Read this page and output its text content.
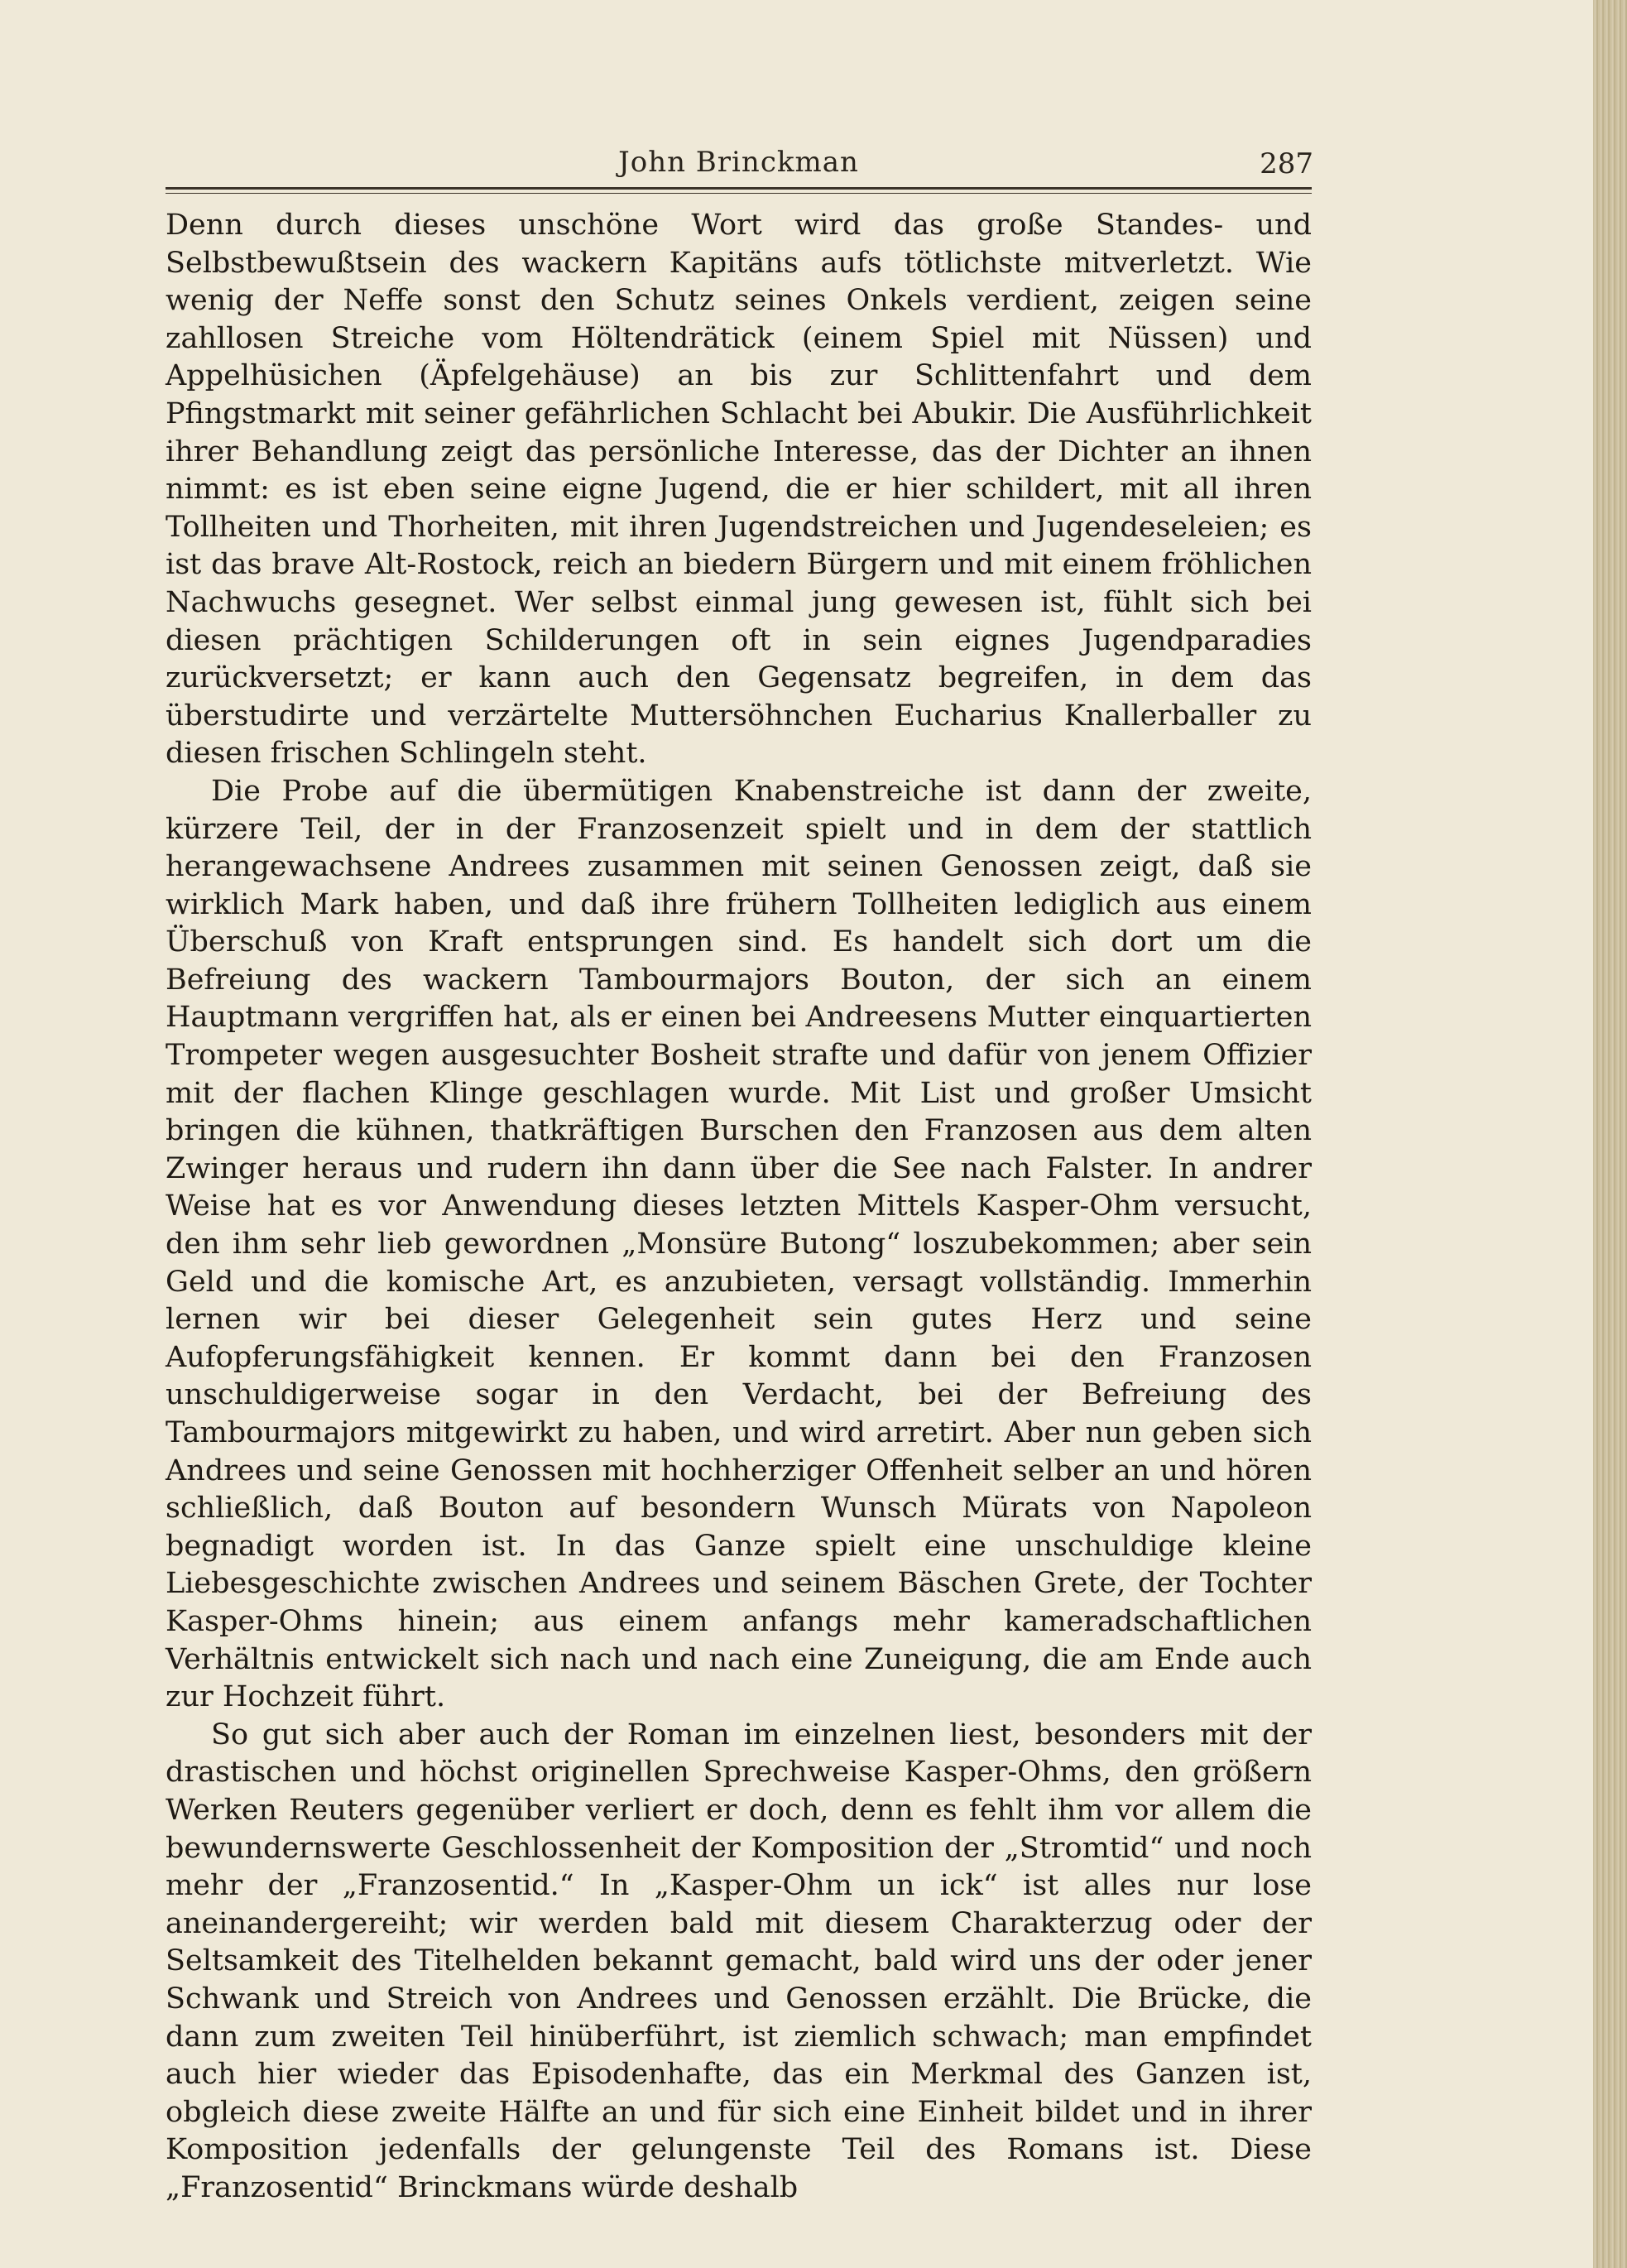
John Brinckman	287

Denn durch dieses unschöne Wort wird das große Standes- und Selbstbewußtsein des wackern Kapitäns aufs tötlichste mitverletzt. Wie wenig der Neffe sonst den Schutz seines Onkels verdient, zeigen seine zahllosen Streiche vom Höltendrätick (einem Spiel mit Nüssen) und Appelhüsichen (Äpfelgehäuse) an bis zur Schlittenfahrt und dem Pfingstmarkt mit seiner gefährlichen Schlacht bei Abukir. Die Ausführlichkeit ihrer Behandlung zeigt das persönliche Interesse, das der Dichter an ihnen nimmt: es ist eben seine eigne Jugend, die er hier schildert, mit all ihren Tollheiten und Thorheiten, mit ihren Jugendstreichen und Jugendeseleien; es ist das brave Alt-Rostock, reich an biedern Bürgern und mit einem fröhlichen Nachwuchs gesegnet. Wer selbst einmal jung gewesen ist, fühlt sich bei diesen prächtigen Schilderungen oft in sein eignes Jugendparadies zurückversetzt; er kann auch den Gegensatz begreifen, in dem das überstudirte und verzärtelte Muttersöhnchen Eucharius Knallerballer zu diesen frischen Schlingeln steht.

Die Probe auf die übermütigen Knabenstreiche ist dann der zweite, kürzere Teil, der in der Franzosenzeit spielt und in dem der stattlich herangewachsene Andrees zusammen mit seinen Genossen zeigt, daß sie wirklich Mark haben, und daß ihre frühern Tollheiten lediglich aus einem Überschuß von Kraft entsprungen sind. Es handelt sich dort um die Befreiung des wackern Tambourmajors Bouton, der sich an einem Hauptmann vergriffen hat, als er einen bei Andreesens Mutter einquartierten Trompeter wegen ausgesuchter Bosheit strafte und dafür von jenem Offizier mit der flachen Klinge geschlagen wurde. Mit List und großer Umsicht bringen die kühnen, thatkräftigen Burschen den Franzosen aus dem alten Zwinger heraus und rudern ihn dann über die See nach Falster. In andrer Weise hat es vor Anwendung dieses letzten Mittels Kasper-Ohm versucht, den ihm sehr lieb gewordnen „Monsüre Butong“ loszubekommen; aber sein Geld und die komische Art, es anzubieten, versagt vollständig. Immerhin lernen wir bei dieser Gelegenheit sein gutes Herz und seine Aufopferungsfähigkeit kennen. Er kommt dann bei den Franzosen unschuldigerweise sogar in den Verdacht, bei der Befreiung des Tambourmajors mitgewirkt zu haben, und wird arretirt. Aber nun geben sich Andrees und seine Genossen mit hochherziger Offenheit selber an und hören schließlich, daß Bouton auf besondern Wunsch Mürats von Napoleon begnadigt worden ist. In das Ganze spielt eine unschuldige kleine Liebesgeschichte zwischen Andrees und seinem Bäschen Grete, der Tochter Kasper-Ohms hinein; aus einem anfangs mehr kameradschaftlichen Verhältnis entwickelt sich nach und nach eine Zuneigung, die am Ende auch zur Hochzeit führt.

So gut sich aber auch der Roman im einzelnen liest, besonders mit der drastischen und höchst originellen Sprechweise Kasper-Ohms, den größern Werken Reuters gegenüber verliert er doch, denn es fehlt ihm vor allem die bewundernswerte Geschlossenheit der Komposition der „Stromtid“ und noch mehr der „Franzosentid.“ In „Kasper-Ohm un ick“ ist alles nur lose aneinandergereiht; wir werden bald mit diesem Charakterzug oder der Seltsamkeit des Titelhelden bekannt gemacht, bald wird uns der oder jener Schwank und Streich von Andrees und Genossen erzählt. Die Brücke, die dann zum zweiten Teil hinüberführt, ist ziemlich schwach; man empfindet auch hier wieder das Episodenhafte, das ein Merkmal des Ganzen ist, obgleich diese zweite Hälfte an und für sich eine Einheit bildet und in ihrer Komposition jedenfalls der gelungenste Teil des Romans ist. Diese „Franzosentid“ Brinckmans würde deshalb
